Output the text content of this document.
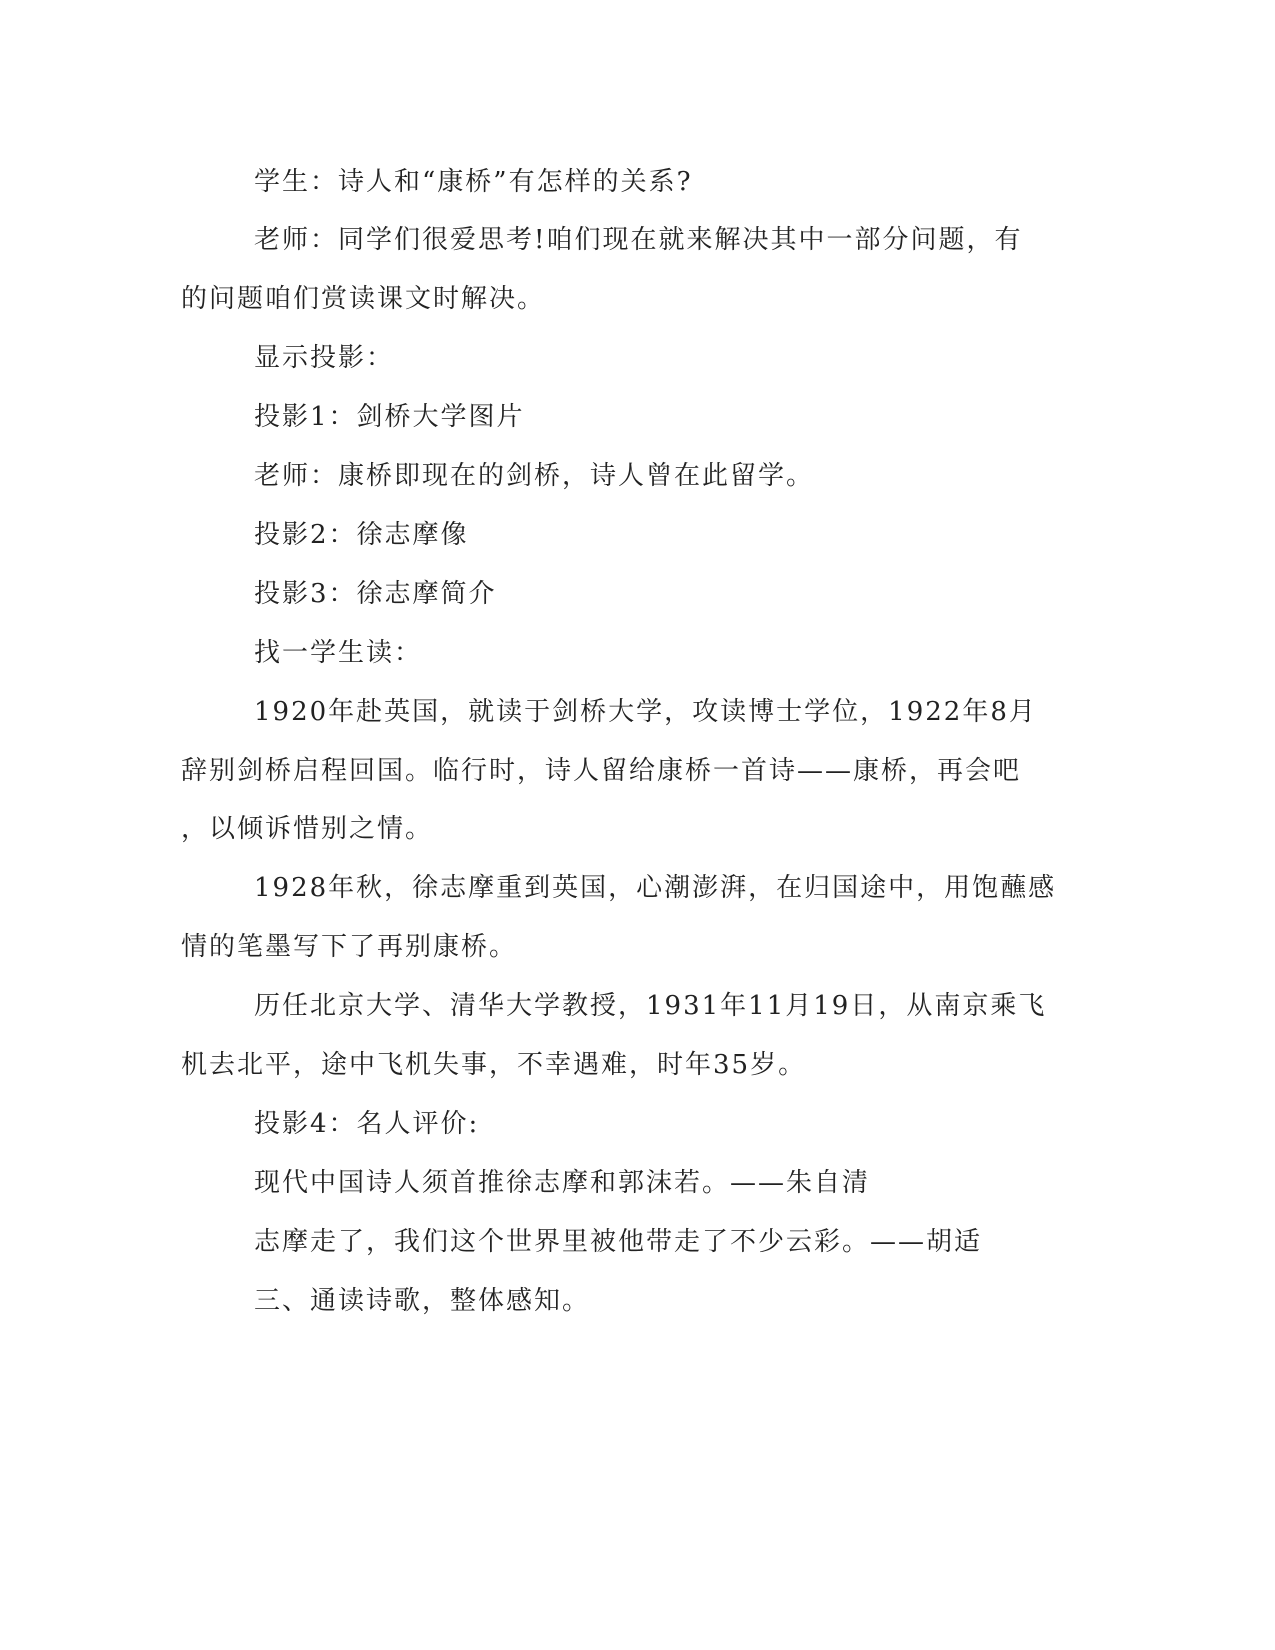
学生：诗人和“康桥”有怎样的关系?
老师：同学们很爱思考!咱们现在就来解决其中一部分问题，有
的问题咱们赏读课文时解决。
显示投影：
投影1：剑桥大学图片
老师：康桥即现在的剑桥，诗人曾在此留学。
投影2：徐志摩像
投影3：徐志摩简介
找一学生读：
1920年赴英国，就读于剑桥大学，攻读博士学位，1922年8月
辞别剑桥启程回国。临行时，诗人留给康桥一首诗——康桥，再会吧
，以倾诉惜别之情。
1928年秋，徐志摩重到英国，心潮澎湃，在归国途中，用饱蘸感
情的笔墨写下了再别康桥。
历任北京大学、清华大学教授，1931年11月19日，从南京乘飞
机去北平，途中飞机失事，不幸遇难，时年35岁。
投影4：名人评价:
现代中国诗人须首推徐志摩和郭沫若。——朱自清
志摩走了，我们这个世界里被他带走了不少云彩。——胡适
三、通读诗歌，整体感知。
